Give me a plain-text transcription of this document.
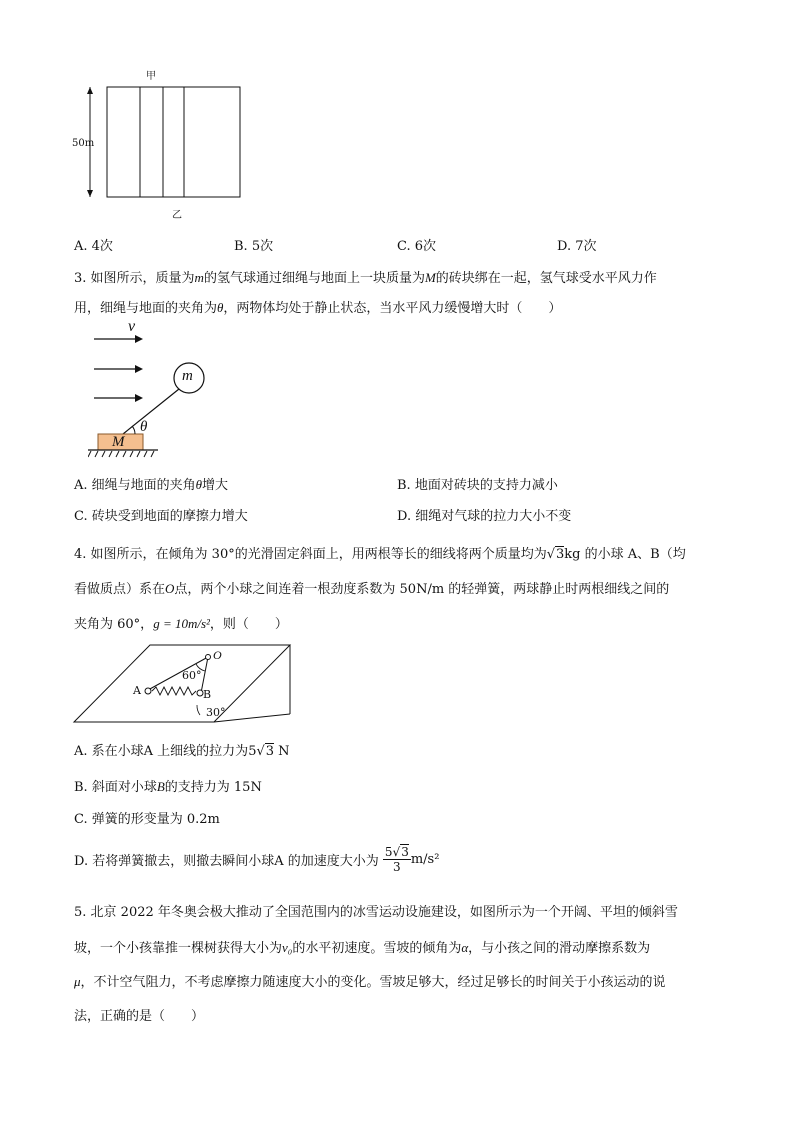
甲
乙
50m
A. 4次	B. 5次	C. 6次	D. 7次
3. 如图所示，质量为m的氢气球通过细绳与地面上一块质量为M的砖块绑在一起，氢气球受水平风力作
用，细绳与地面的夹角为θ，两物体均处于静止状态，当水平风力缓慢增大时（　　）
v
m
M
θ
A. 细绳与地面的夹角θ增大	B. 地面对砖块的支持力减小
C. 砖块受到地面的摩擦力增大	D. 细绳对气球的拉力大小不变
4. 如图所示，在倾角为 30°的光滑固定斜面上，用两根等长的细线将两个质量均为√3kg 的小球 A、B（均
看做质点）系在O点，两个小球之间连着一根劲度系数为 50N/m 的轻弹簧，两球静止时两根细线之间的
夹角为 60°，g = 10m/s²，则（　　）
O
60°
A	B
30°
A. 系在小球A 上细线的拉力为5√3 N
B. 斜面对小球B的支持力为 15N
C. 弹簧的形变量为 0.2m
D. 若将弹簧撤去，则撤去瞬间小球A 的加速度大小为 $\frac{5√3}{3} m/s^2$
5. 北京 2022 年冬奥会极大推动了全国范围内的冰雪运动设施建设，如图所示为一个开阔、平坦的倾斜雪
坡，一个小孩靠推一棵树获得大小为v₀的水平初速度。雪坡的倾角为α，与小孩之间的滑动摩擦系数为
μ，不计空气阻力，不考虑摩擦力随速度大小的变化。雪坡足够大，经过足够长的时间关于小孩运动的说
法，正确的是（　　）
